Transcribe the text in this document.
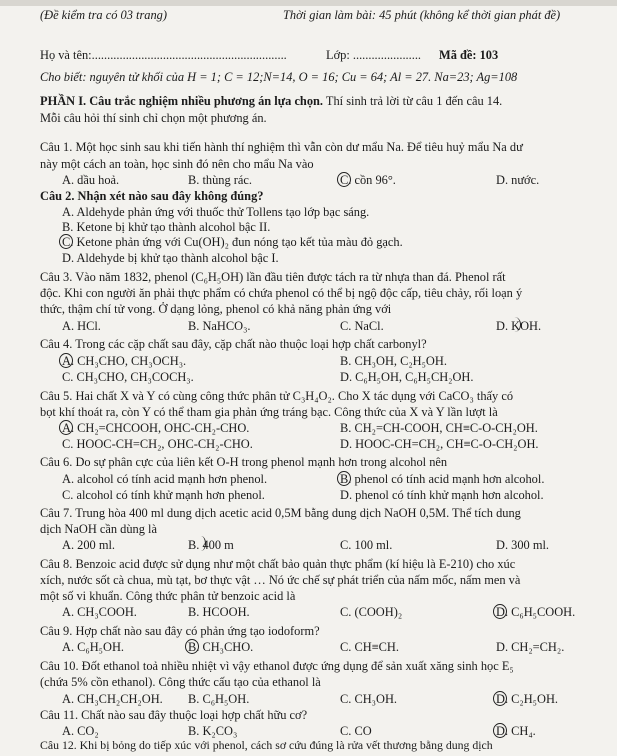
(Đề kiểm tra có 03 trang)	Thời gian làm bài: 45 phút (không kể thời gian phát đề)
Họ và tên:...............................................................	Lớp: ...................... Mã đề: 103
Cho biết: nguyên tử khối của H = 1; C = 12;N=14, O = 16; Cu = 64; Al = 27. Na=23; Ag=108
PHẦN I. Câu trắc nghiệm nhiều phương án lựa chọn. Thí sinh trả lời từ câu 1 đến câu 14.
Mỗi câu hỏi thí sinh chỉ chọn một phương án.
Câu 1. Một học sinh sau khi tiến hành thí nghiệm thì vẫn còn dư mẩu Na. Để tiêu huỷ mẩu Na dư
này một cách an toàn, học sinh đó nên cho mẩu Na vào
A. dầu hoả.	B. thùng rác.	C. cồn 96°.	D. nước.
Câu 2. Nhận xét nào sau đây không đúng?
A. Aldehyde phản ứng với thuốc thử Tollens tạo lớp bạc sáng.
B. Ketone bị khử tạo thành alcohol bậc II.
C. Ketone phản ứng với Cu(OH)₂ đun nóng tạo kết tủa màu đỏ gạch.
D. Aldehyde bị khử tạo thành alcohol bậc I.
Câu 3. Vào năm 1832, phenol (C₆H₅OH) lần đầu tiên được tách ra từ nhựa than đá. Phenol rất
độc. Khi con người ăn phải thực phẩm có chứa phenol có thể bị ngộ độc cấp, tiêu chảy, rối loạn ý
thức, thậm chí tử vong. Ở dạng lỏng, phenol có khả năng phản ứng với
A. HCl.	B. NaHCO₃.	C. NaCl.	D. KOH.
Câu 4. Trong các cặp chất sau đây, cặp chất nào thuộc loại hợp chất carbonyl?
A. CH₃CHO, CH₃OCH₃.	B. CH₃OH, C₂H₅OH.
C. CH₃CHO, CH₃COCH₃.	D. C₆H₅OH, C₆H₅CH₂OH.
Câu 5. Hai chất X và Y có cùng công thức phân tử C₃H₄O₂. Cho X tác dụng với CaCO₃ thấy có
bọt khí thoát ra, còn Y có thể tham gia phản ứng tráng bạc. Công thức của X và Y lần lượt là
A. CH₂=CHCOOH, OHC-CH₂-CHO.	B. CH₂=CH-COOH, CH≡C-O-CH₂OH.
C. HOOC-CH=CH₂, OHC-CH₂-CHO.	D. HOOC-CH=CH₂, CH≡C-O-CH₂OH.
Câu 6. Do sự phân cực của liên kết O-H trong phenol mạnh hơn trong alcohol nên
A. alcohol có tính acid mạnh hơn phenol.	B. phenol có tính acid mạnh hơn alcohol.
C. alcohol có tính khử mạnh hơn phenol.	D. phenol có tính khử mạnh hơn alcohol.
Câu 7. Trung hòa 400 ml dung dịch acetic acid 0,5M bằng dung dịch NaOH 0,5M. Thể tích dung
dịch NaOH cần dùng là
A. 200 ml.	B. 400 m	C. 100 ml.	D. 300 ml.
Câu 8. Benzoic acid được sử dụng như một chất bảo quản thực phẩm (kí hiệu là E-210) cho xúc
xích, nước sốt cà chua, mù tạt, bơ thực vật … Nó ức chế sự phát triển của nấm mốc, nấm men và
một số vi khuẩn. Công thức phân tử benzoic acid là
A. CH₃COOH.	B. HCOOH.	C. (COOH)₂	D. C₆H₅COOH.
Câu 9. Hợp chất nào sau đây có phản ứng tạo iodoform?
A. C₆H₅OH.	B. CH₃CHO.	C. CH≡CH.	D. CH₂=CH₂.
Câu 10. Đốt ethanol toả nhiều nhiệt vì vậy ethanol được ứng dụng để sản xuất xăng sinh học E₅
(chứa 5% cồn ethanol). Công thức cấu tạo của ethanol là
A. CH₃CH₂CH₂OH. B. C₆H₅OH.	C. CH₃OH.	D. C₂H₅OH.
Câu 11. Chất nào sau đây thuộc loại hợp chất hữu cơ?
A. CO₂	B. K₂CO₃	C. CO	D. CH₄.
Câu 12. Khi bị bỏng do tiếp xúc với phenol, cách sơ cứu đúng là rửa vết thương bằng dung dịch
